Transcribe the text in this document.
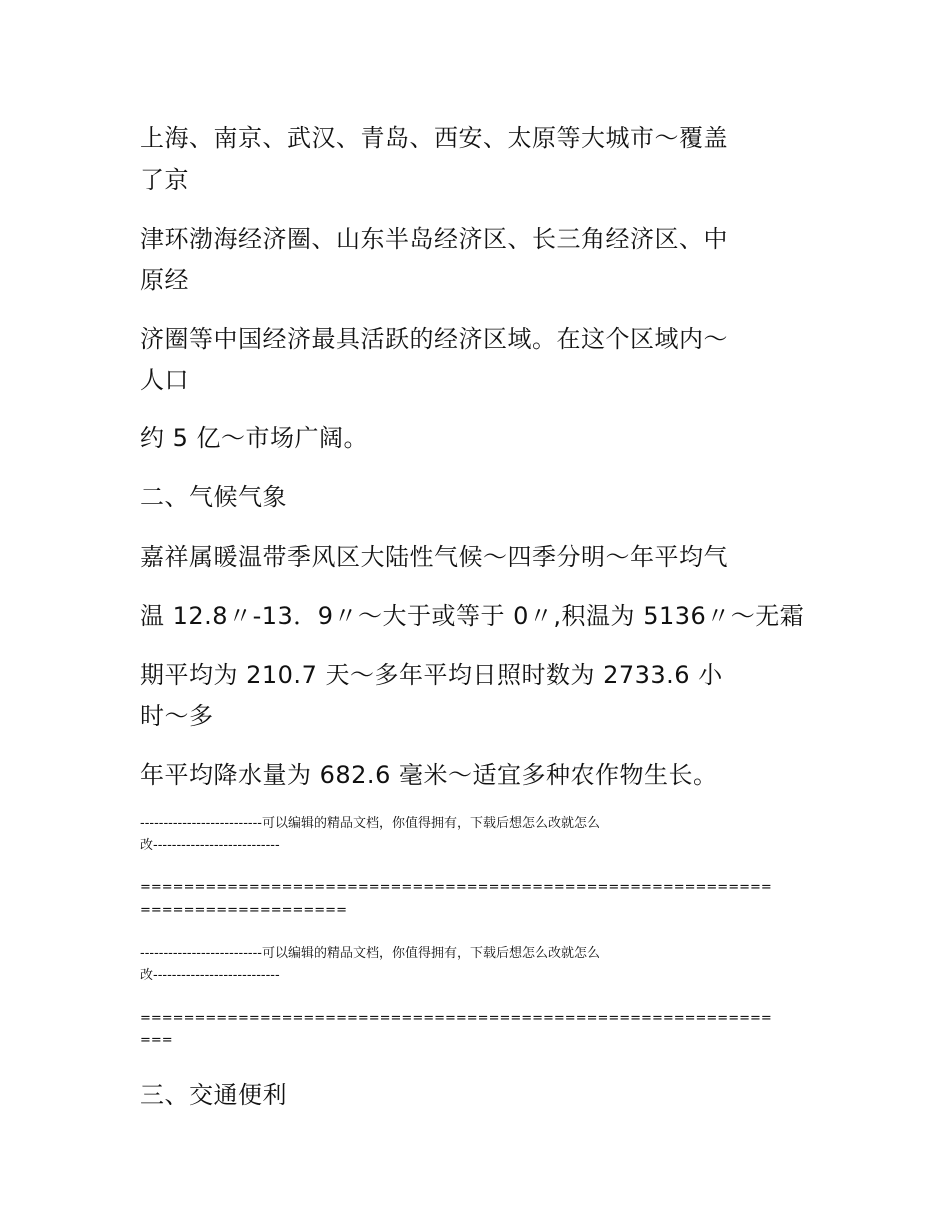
上海、南京、武汉、青岛、西安、太原等大城市～覆盖
了京
津环渤海经济圈、山东半岛经济区、长三角经济区、中
原经
济圈等中国经济最具活跃的经济区域。在这个区域内～
人口
约 5 亿～市场广阔。
二、气候气象
嘉祥属暖温带季风区大陆性气候～四季分明～年平均气
温 12.8〃-13．9〃～大于或等于 0〃,积温为 5136〃～无霜
期平均为 210.7 天～多年平均日照时数为 2733.6 小
时～多
年平均降水量为 682.6 毫米～适宜多种农作物生长。
--------------------------可以编辑的精品文档，你值得拥有，下载后想怎么改就怎么
改---------------------------
==========================================================
===================
--------------------------可以编辑的精品文档，你值得拥有，下载后想怎么改就怎么
改---------------------------
==========================================================
===
三、交通便利
